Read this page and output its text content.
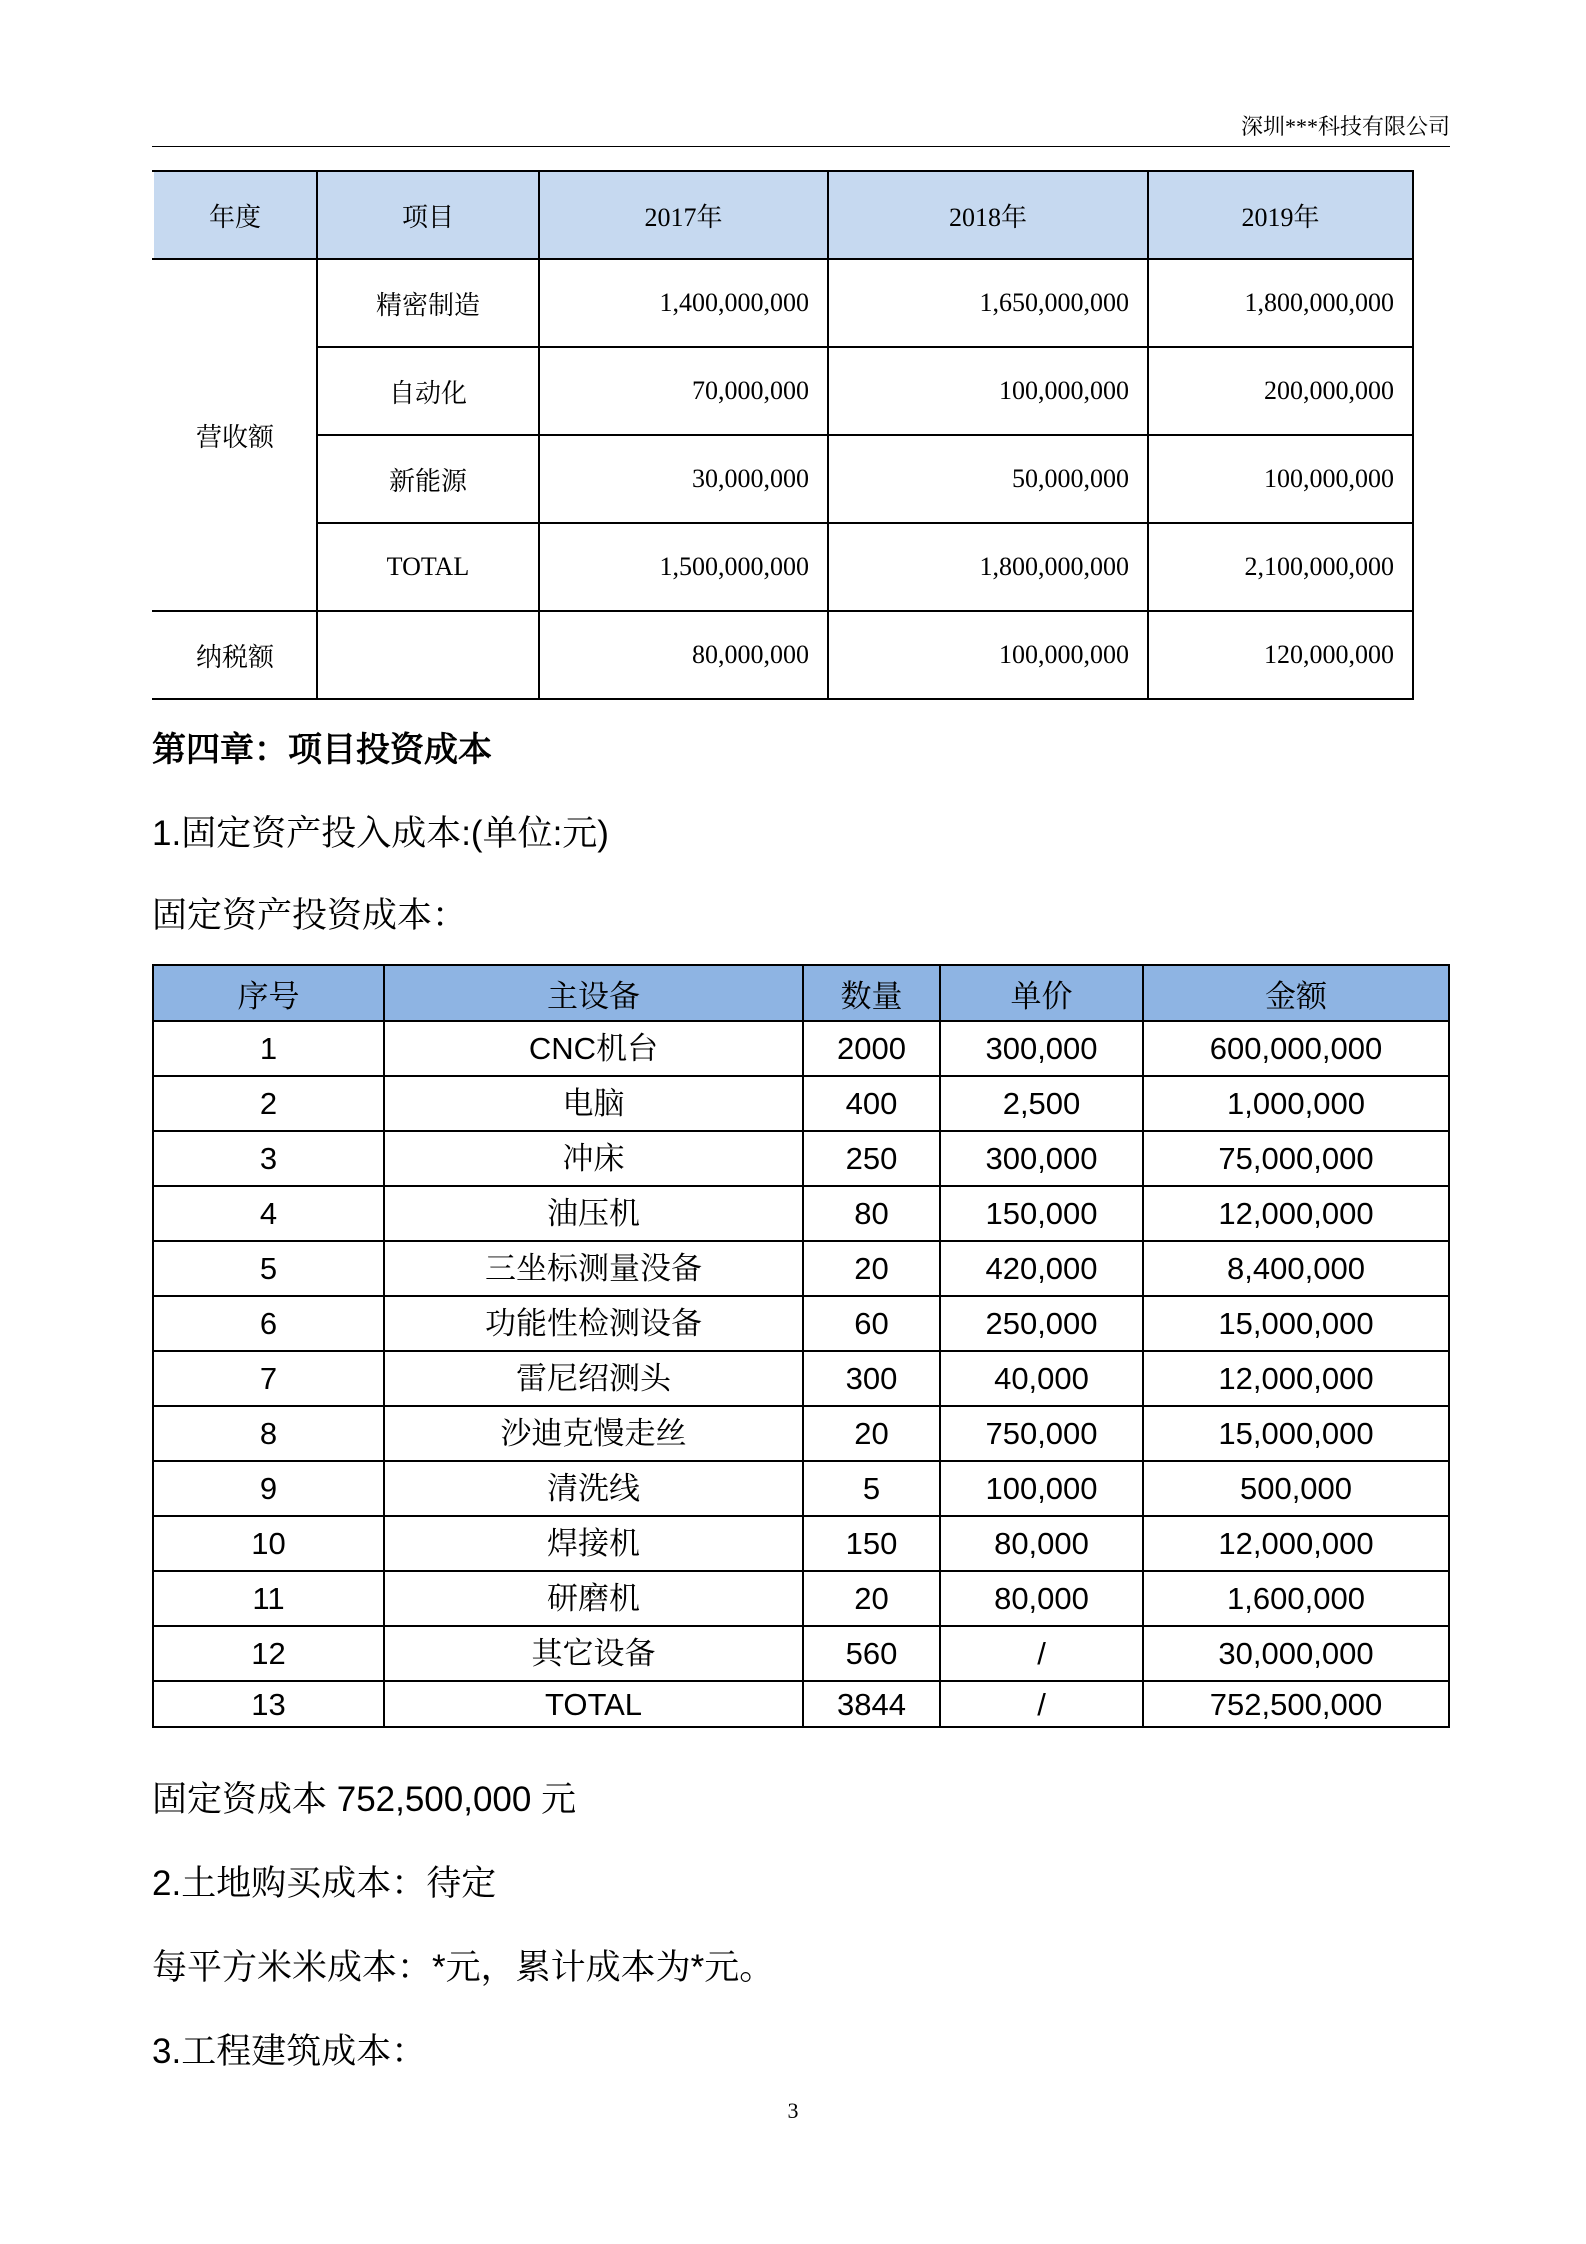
深圳***科技有限公司
年度	项目	2017年	2018年	2019年
营收额	精密制造	1,400,000,000	1,650,000,000	1,800,000,000
	自动化	70,000,000	100,000,000	200,000,000
	新能源	30,000,000	50,000,000	100,000,000
	TOTAL	1,500,000,000	1,800,000,000	2,100,000,000
纳税额		80,000,000	100,000,000	120,000,000
第四章：项目投资成本
1.固定资产投入成本:(单位:元)
固定资产投资成本：
序号	主设备	数量	单价	金额
1	CNC机台	2000	300,000	600,000,000
2	电脑	400	2,500	1,000,000
3	冲床	250	300,000	75,000,000
4	油压机	80	150,000	12,000,000
5	三坐标测量没备	20	420,000	8,400,000
6	功能性检测设备	60	250,000	15,000,000
7	雷尼绍测头	300	40,000	12,000,000
8	沙迪克慢走丝	20	750,000	15,000,000
9	清洗线	5	100,000	500,000
10	焊接机	150	80,000	12,000,000
11	研磨机	20	80,000	1,600,000
12	其它设备	560	/	30,000,000
13	TOTAL	3844	/	752,500,000
固定资成本 752,500,000 元
2.土地购买成本：待定
每平方米米成本：*元，累计成本为*元。
3.工程建筑成本：
3
